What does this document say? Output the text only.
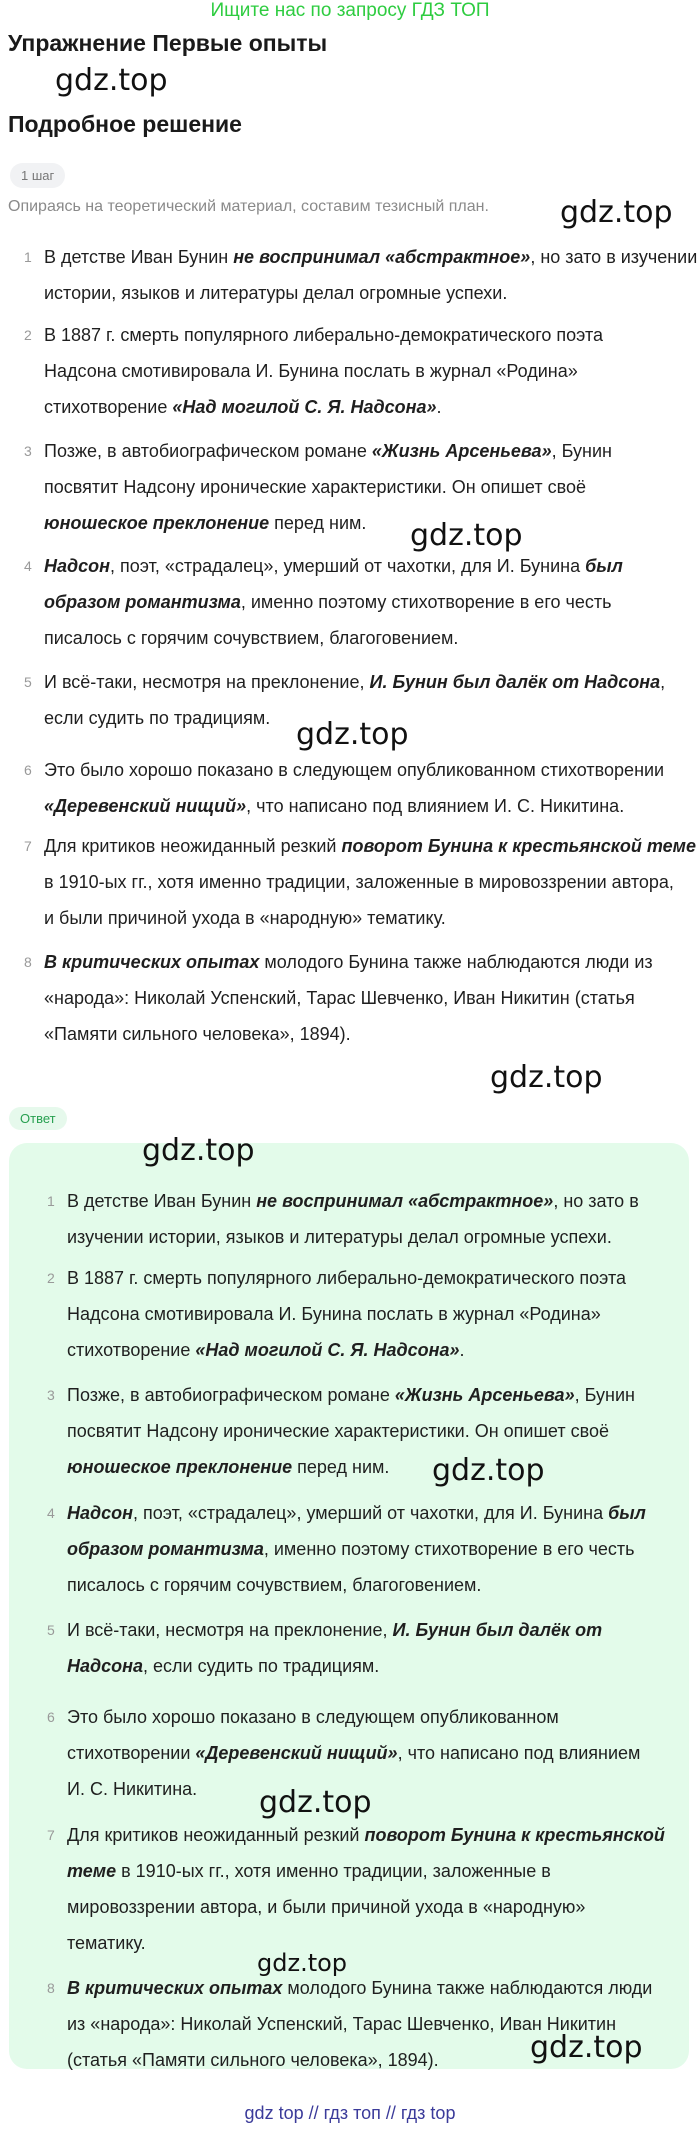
Ищите нас по запросу ГДЗ ТОП
Упражнение Первые опыты
gdz.top
Подробное решение
1 шаг
Опираясь на теоретический материал, составим тезисный план. gdz.top
1 В детстве Иван Бунин не воспринимал «абстрактное», но зато в изучении
истории, языков и литературы делал огромные успехи.
2 В 1887 г. смерть популярного либерально-демократического поэта
Надсона смотивировала И. Бунина послать в журнал «Родина»
стихотворение «Над могилой С. Я. Надсона».
3 Позже, в автобиографическом романе «Жизнь Арсеньева», Бунин
посвятит Надсону ироничеcкие характеристики. Он опишет своё
юношеское преклонение перед ним.
4 Надсон, поэт, «страдалец», умерший от чахотки, для И. Бунина был
образом романтизма, именно поэтому стихотворение в его честь
писалось с горячим сочувствием, благоговением.
5 И всё-таки, несмотря на преклонение, И. Бунин был далёк от Надсона,
если судить по традициям.
6 Это было хорошо показано в следующем опубликованном стихотворении
«Деревенский нищий», что написано под влиянием И. С. Никитина.
7 Для критиков неожиданный резкий поворот Бунина к крестьянской теме
в 1910-ых гг., хотя именно традиции, заложенные в мировоззрении автора,
и были причиной ухода в «народную» тематику.
8 В критических опытах молодого Бунина также наблюдаются люди из
«народа»: Николай Успенский, Тарас Шевченко, Иван Никитин (статья
«Памяти сильного человека», 1894).
gdz.top
gdz.top
gdz.top
Ответ
1 В детстве Иван Бунин не воспринимал «абстрактное», но зато в
изучении истории, языков и литературы делал огромные успехи.
2 В 1887 г. смерть популярного либерально-демократического поэта
Надсона смотивировала И. Бунина послать в журнал «Родина»
стихотворение «Над могилой С. Я. Надсона».
3 Позже, в автобиографическом романе «Жизнь Арсеньева», Бунин
посвятит Надсону ироничеcкие характеристики. Он опишет своё
юношеское преклонение перед ним.
4 Надсон, поэт, «страдалец», умерший от чахотки, для И. Бунина был
образом романтизма, именно поэтому стихотворение в его честь
писалось с горячим сочувствием, благоговением.
5 И всё-таки, несмотря на преклонение, И. Бунин был далёк от
Надсона, если судить по традициям.
6 Это было хорошо показано в следующем опубликованном
стихотворении «Деревенский нищий», что написано под влиянием
И. С. Никитина.
7 Для критиков неожиданный резкий поворот Бунина к крестьянской
теме в 1910-ых гг., хотя именно традиции, заложенные в
мировоззрении автора, и были причиной ухода в «народную»
тематику.
8 В критических опытах молодого Бунина также наблюдаются люди
из «народа»: Николай Успенский, Тарас Шевченко, Иван Никитин
(статья «Памяти сильного человека», 1894).
gdz.top
gdz.top
gdz.top
gdz.top
gdz.top
gdz top // гдз топ // гдз top
